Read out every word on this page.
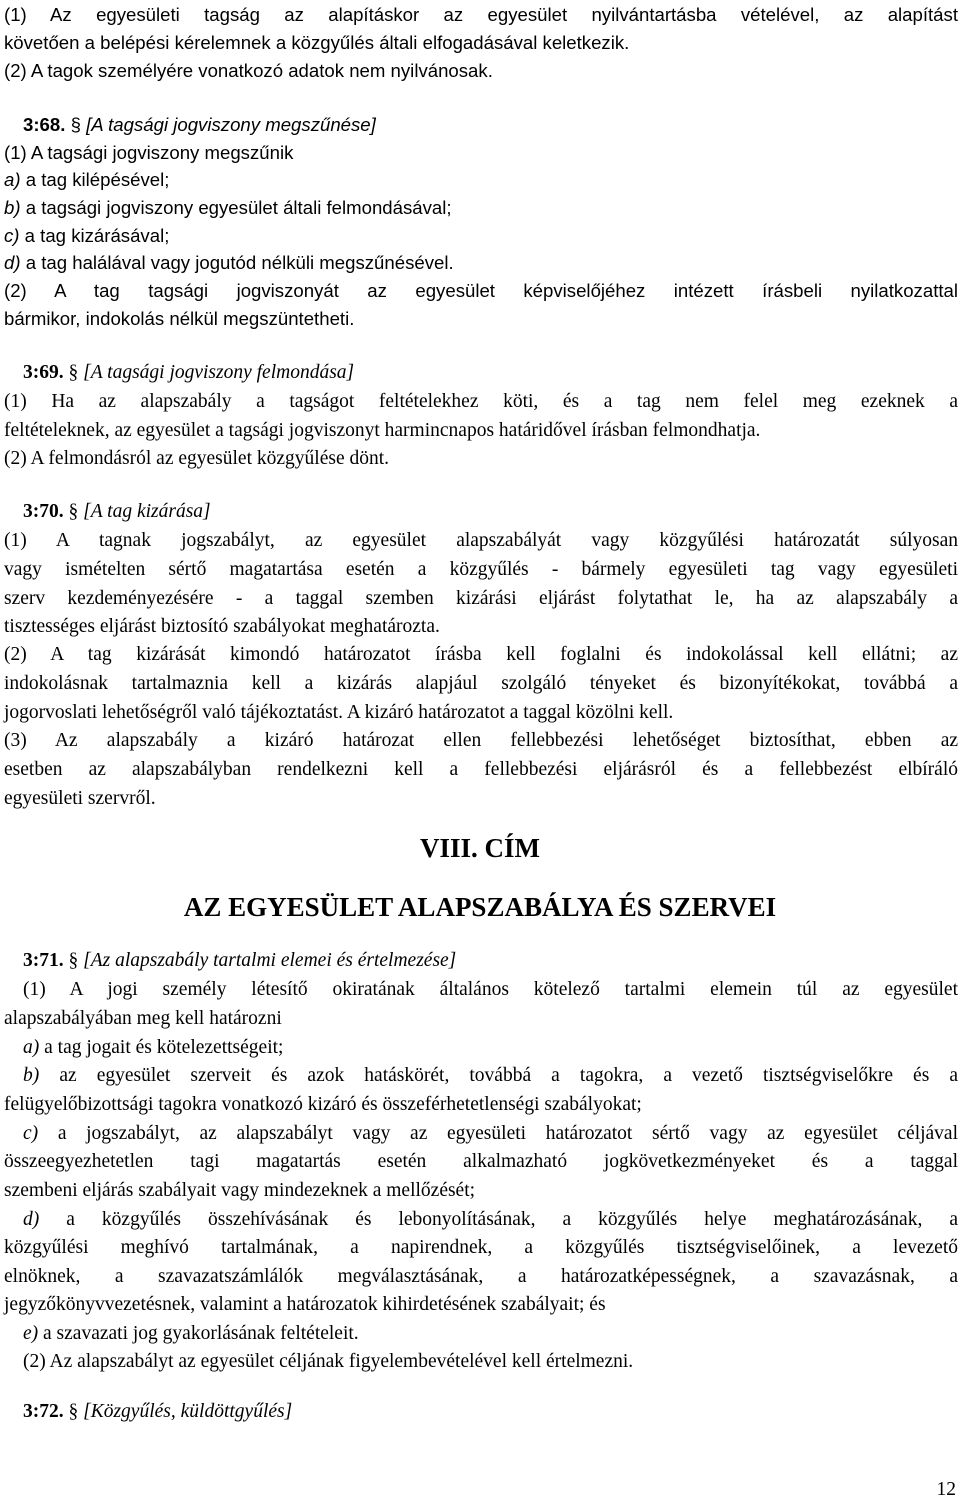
(1) Az egyesületi tagság az alapításkor az egyesület nyilvántartásba vételével, az alapítást
követően a belépési kérelemnek a közgyűlés általi elfogadásával keletkezik.
(2) A tagok személyére vonatkozó adatok nem nyilvánosak.
3:68. § [A tagsági jogviszony megszűnése]
(1) A tagsági jogviszony megszűnik
a) a tag kilépésével;
b) a tagsági jogviszony egyesület általi felmondásával;
c) a tag kizárásával;
d) a tag halálával vagy jogutód nélküli megszűnésével.
(2) A tag tagsági jogviszonyát az egyesület képviselőjéhez intézett írásbeli nyilatkozattal
bármikor, indokolás nélkül megszüntetheti.
3:69. § [A tagsági jogviszony felmondása]
(1) Ha az alapszabály a tagságot feltételekhez köti, és a tag nem felel meg ezeknek a
feltételeknek, az egyesület a tagsági jogviszonyt harmincnapos határidővel írásban felmondhatja.
(2) A felmondásról az egyesület közgyűlése dönt.
3:70. § [A tag kizárása]
(1) A tagnak jogszabályt, az egyesület alapszabályát vagy közgyűlési határozatát súlyosan
vagy ismételten sértő magatartása esetén a közgyűlés - bármely egyesületi tag vagy egyesületi
szerv kezdeményezésére - a taggal szemben kizárási eljárást folytathat le, ha az alapszabály a
tisztességes eljárást biztosító szabályokat meghatározta.
(2) A tag kizárását kimondó határozatot írásba kell foglalni és indokolással kell ellátni; az
indokolásnak tartalmaznia kell a kizárás alapjául szolgáló tényeket és bizonyítékokat, továbbá a
jogorvoslati lehetőségről való tájékoztatást. A kizáró határozatot a taggal közölni kell.
(3) Az alapszabály a kizáró határozat ellen fellebbezési lehetőséget biztosíthat, ebben az
esetben az alapszabályban rendelkezni kell a fellebbezési eljárásról és a fellebbezést elbíráló
egyesületi szervről.
VIII. CÍM
AZ EGYESÜLET ALAPSZABÁLYA ÉS SZERVEI
3:71. § [Az alapszabály tartalmi elemei és értelmezése]
(1) A jogi személy létesítő okiratának általános kötelező tartalmi elemein túl az egyesület
alapszabályában meg kell határozni
a) a tag jogait és kötelezettségeit;
b) az egyesület szerveit és azok hatáskörét, továbbá a tagokra, a vezető tisztségviselőkre és a
felügyelőbizottsági tagokra vonatkozó kizáró és összeférhetetlenségi szabályokat;
c) a jogszabályt, az alapszabályt vagy az egyesületi határozatot sértő vagy az egyesület céljával
összeegyezhetetlen tagi magatartás esetén alkalmazható jogkövetkezményeket és a taggal
szembeni eljárás szabályait vagy mindezeknek a mellőzését;
d) a közgyűlés összehívásának és lebonyolításának, a közgyűlés helye meghatározásának, a
közgyűlési meghívó tartalmának, a napirendnek, a közgyűlés tisztségviselőinek, a levezető
elnöknek, a szavazatszámlálók megválasztásának, a határozatképességnek, a szavazásnak, a
jegyzőkönyvvezetésnek, valamint a határozatok kihirdetésének szabályait; és
e) a szavazati jog gyakorlásának feltételeit.
(2) Az alapszabályt az egyesület céljának figyelembevételével kell értelmezni.
3:72. § [Közgyűlés, küldöttgyűlés]
12
